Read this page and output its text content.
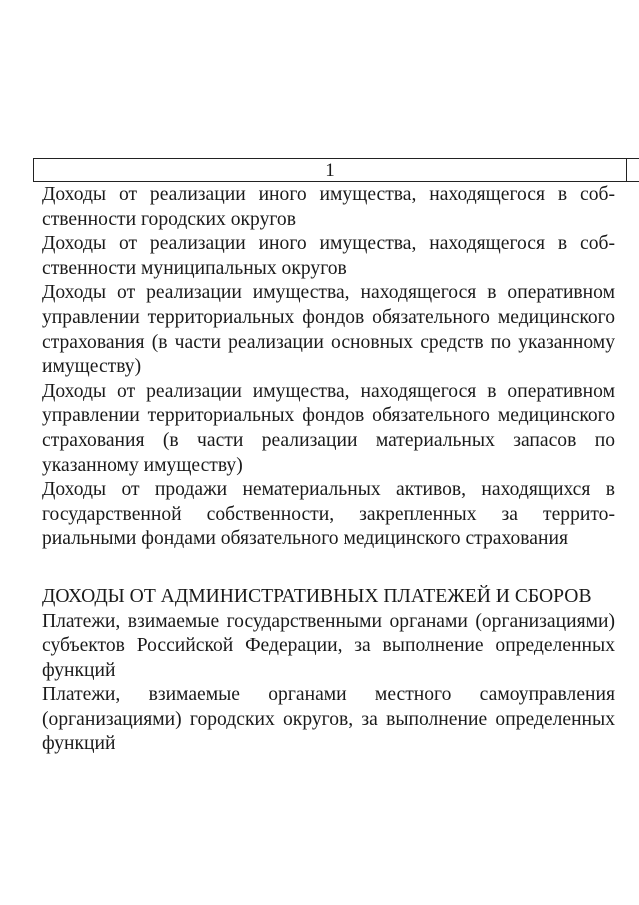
1
Доходы от реализации иного имущества, находящегося в собственности городских округов
Доходы от реализации иного имущества, находящегося в собственности муниципальных округов
Доходы от реализации имущества, находящегося в оперативном управлении территориальных фондов обязательного медицинского страхования (в части реализации основных средств по указанному имуществу)
Доходы от реализации имущества, находящегося в оперативном управлении территориальных фондов обязательного медицинского страхования (в части реализации материальных запасов по указанному имуществу)
Доходы от продажи нематериальных активов, находящихся в государственной собственности, закрепленных за территориальными фондами обязательного медицинского страхования
ДОХОДЫ ОТ АДМИНИСТРАТИВНЫХ ПЛАТЕЖЕЙ И СБОРОВ
Платежи, взимаемые государственными органами (организациями) субъектов Российской Федерации, за выполнение определенных функций
Платежи, взимаемые органами местного самоуправления (организациями) городских округов, за выполнение определенных функций
